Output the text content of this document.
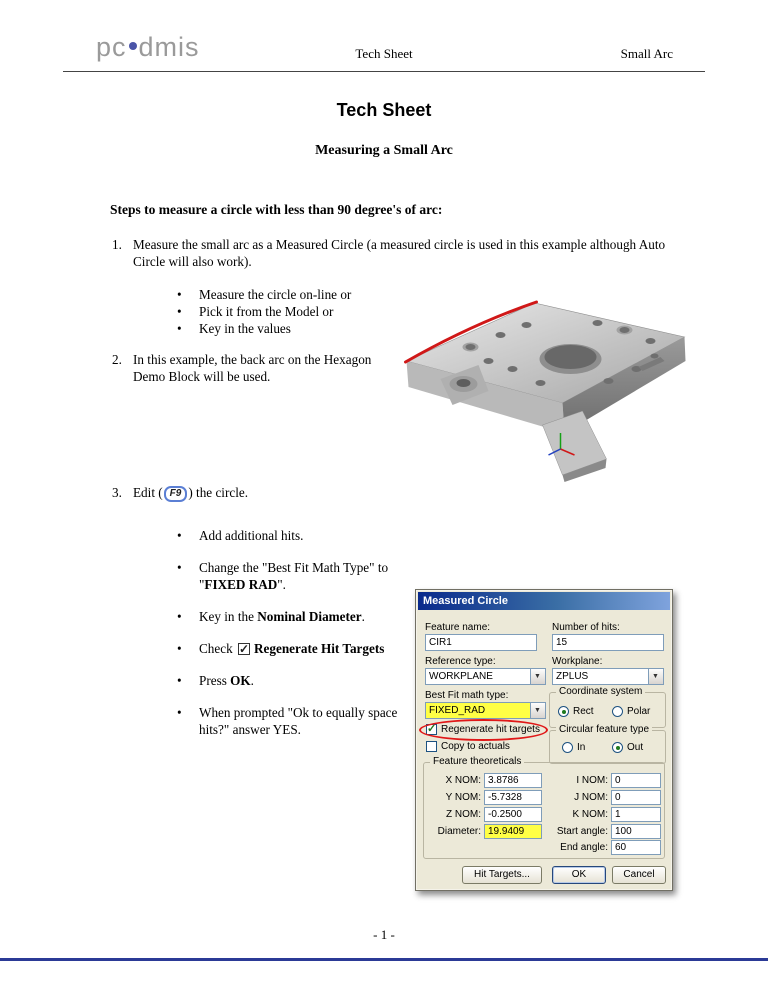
pc dmis	Tech Sheet	Small Arc
Tech Sheet
Measuring a Small Arc
Steps to measure a circle with less than 90 degree's of arc:
1. Measure the small arc as a Measured Circle (a measured circle is used in this example although Auto Circle will also work).
• Measure the circle on-line or
• Pick it from the Model or
• Key in the values
2. In this example, the back arc on the Hexagon Demo Block will be used.
3. Edit ( F9 ) the circle.
•
Add additional hits.
•
Change the "Best Fit Math Type" to "FIXED RAD".
•
Key in the Nominal Diameter.
•
Check ✓Regenerate Hit Targets
•
Press OK.
•
When prompted "Ok to equally space hits?" answer YES.
Measured Circle
Feature name:
CIR1
Number of hits:
15
Reference type:
WORKPLANE
▼
Workplane:
ZPLUS
▼
Best Fit math type:
FIXED_RAD
▼
Coordinate system
Rect	Polar
✓
Regenerate hit targets
Copy to actuals
Circular feature type
In	Out
Feature theoreticals
X NOM: 3.8786	I NOM: 0
Y NOM: -5.7328	J NOM: 0
Z NOM: -0.2500	K NOM: 1
Diameter: 19.9409	Start angle: 100
End angle: 60
Hit Targets...	OK	Cancel
- 1 -
